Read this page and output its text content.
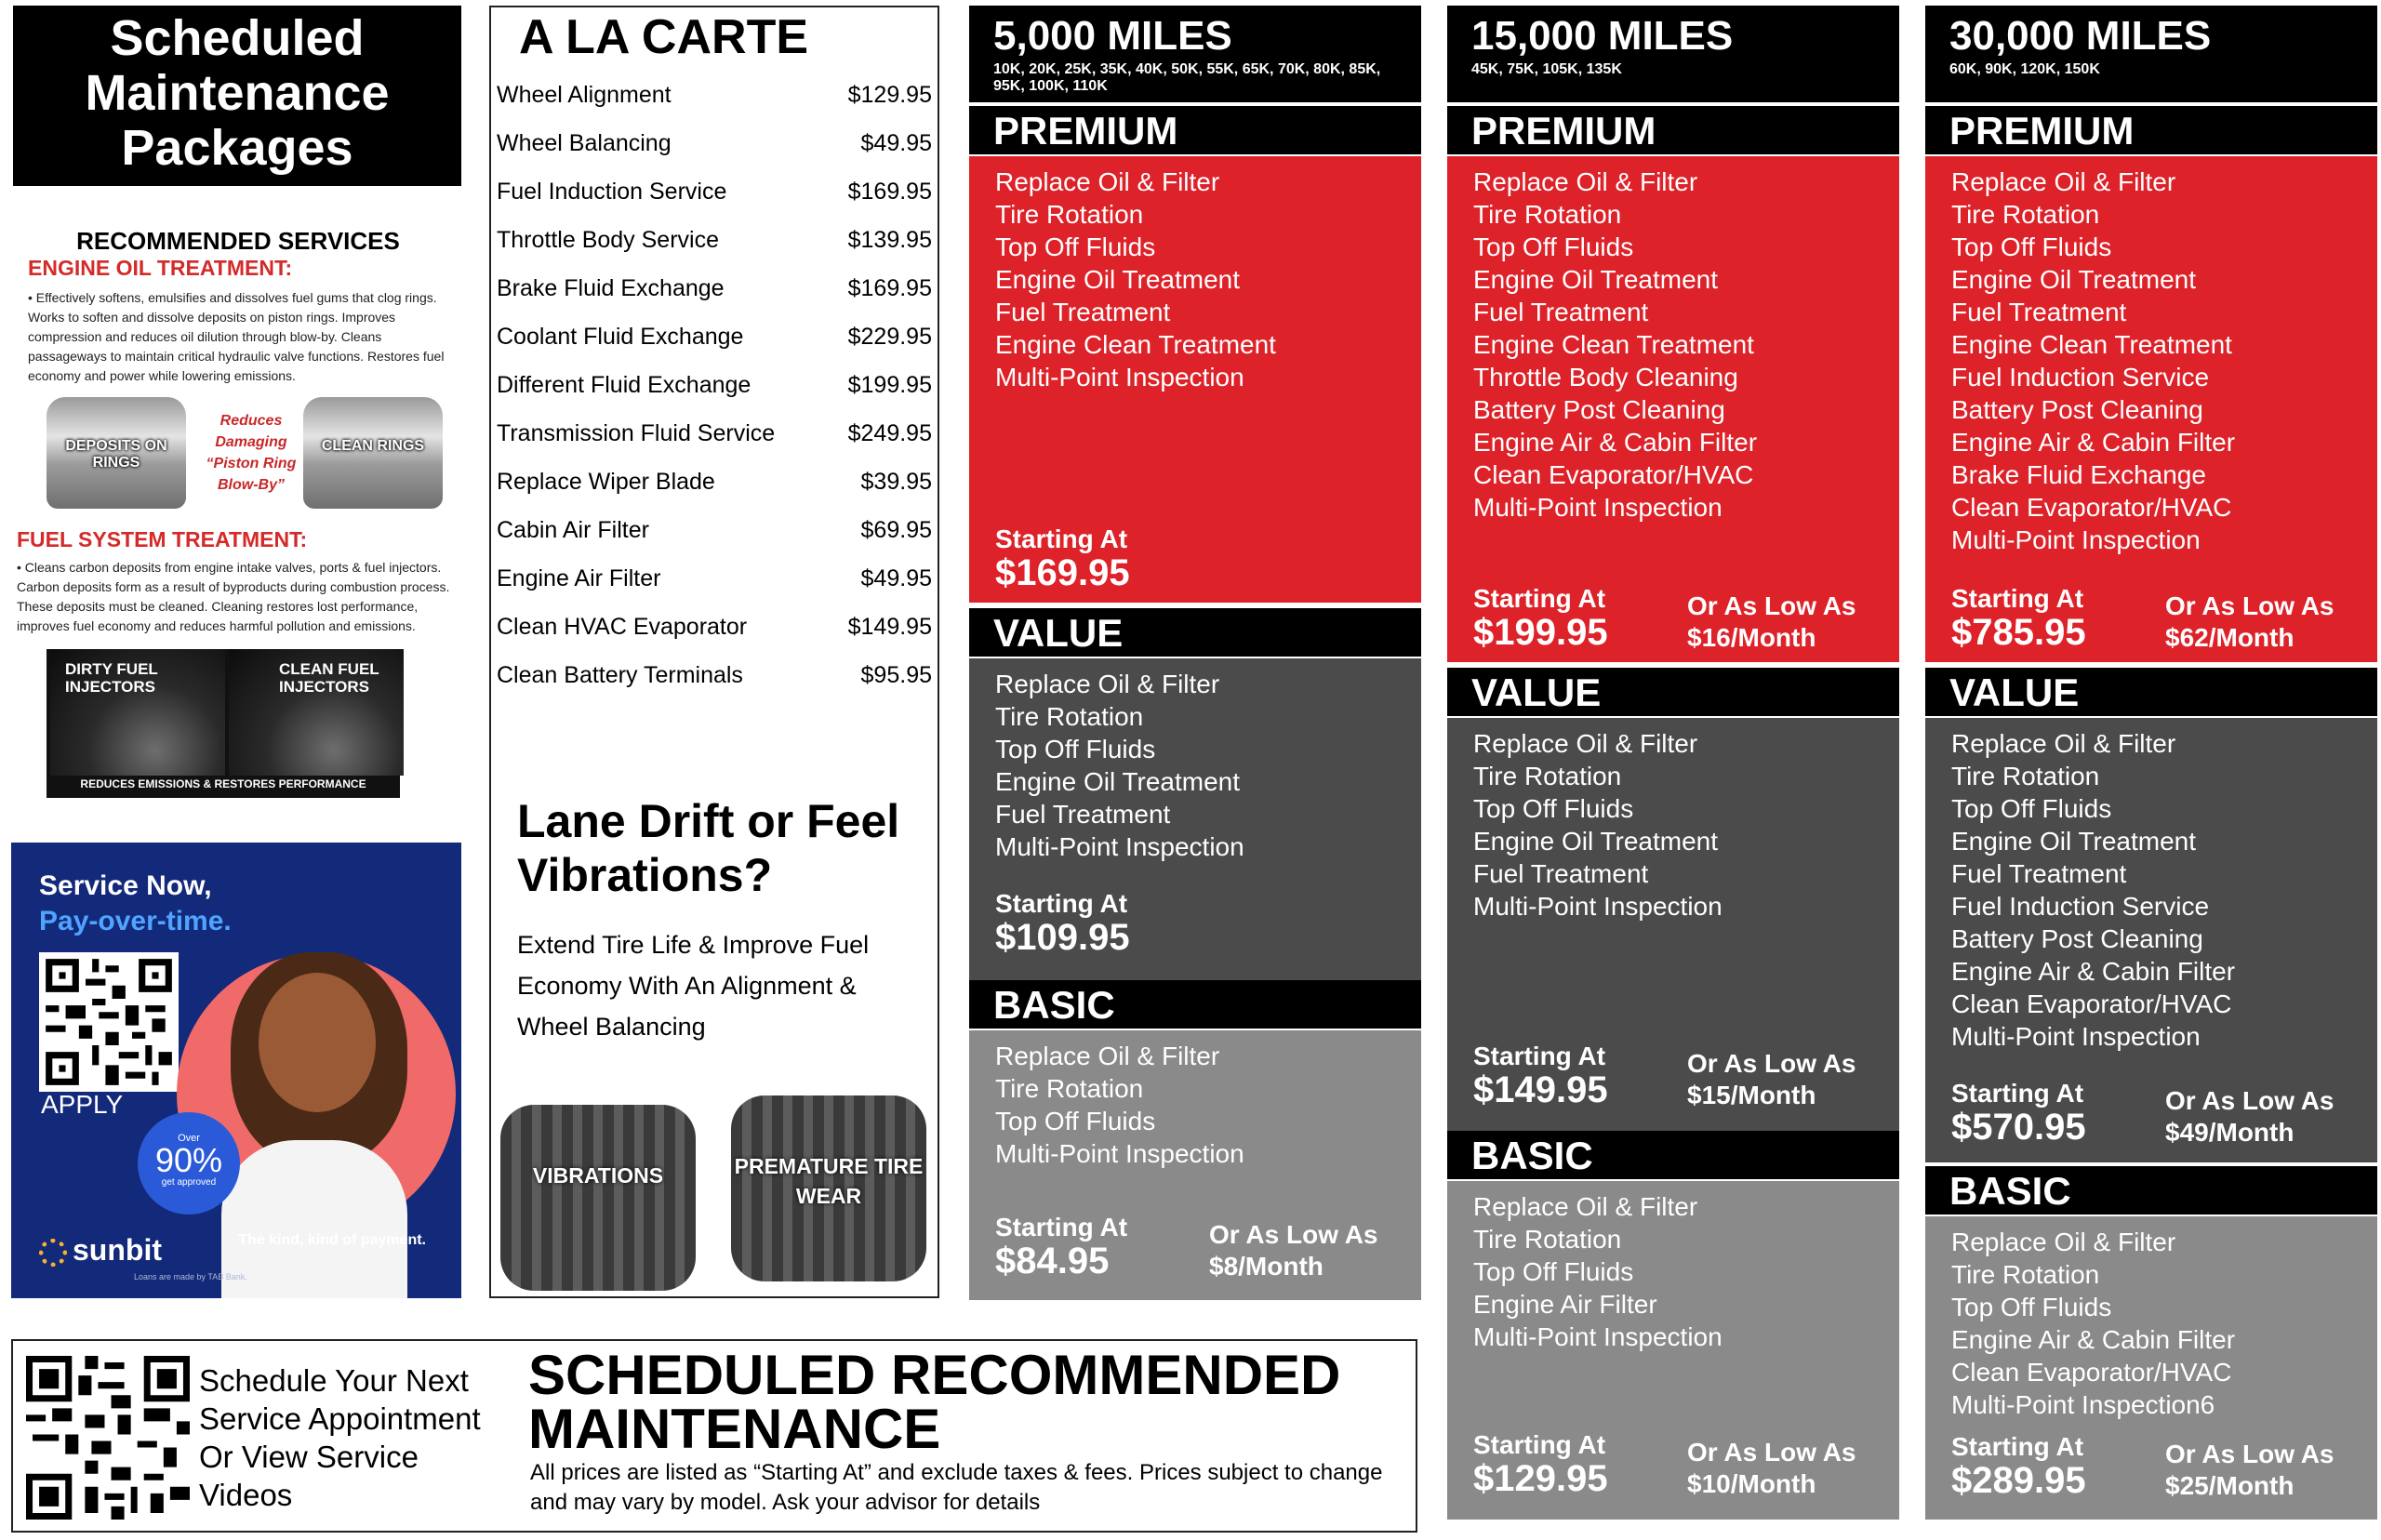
Scheduled
Maintenance
Packages
RECOMMENDED SERVICES
ENGINE OIL TREATMENT:
• Effectively softens, emulsifies and dissolves fuel gums that clog rings. Works to soften and dissolve deposits on piston rings. Improves compression and reduces oil dilution through blow-by. Cleans passageways to maintain critical hydraulic valve functions. Restores fuel economy and power while lowering emissions.
DEPOSITS ON RINGS
Reduces Damaging “Piston Ring Blow-By”
CLEAN RINGS
FUEL SYSTEM TREATMENT:
• Cleans carbon deposits from engine intake valves, ports & fuel injectors. Carbon deposits form as a result of byproducts during combustion process. These deposits must be cleaned. Cleaning restores lost performance, improves fuel economy and reduces harmful pollution and emissions.
DIRTY FUEL INJECTORS
CLEAN FUEL INJECTORS
REDUCES EMISSIONS & RESTORES PERFORMANCE
Service Now,
Pay-over-time.
APPLY
Over
90%
get approved
sunbit	The kind, kind of payment.
Loans are made by TAB Bank.
A LA CARTE
Wheel Alignment	$129.95
Wheel Balancing	$49.95
Fuel Induction Service	$169.95
Throttle Body Service	$139.95
Brake Fluid Exchange	$169.95
Coolant Fluid Exchange	$229.95
Different Fluid Exchange	$199.95
Transmission Fluid Service	$249.95
Replace Wiper Blade	$39.95
Cabin Air Filter	$69.95
Engine Air Filter	$49.95
Clean HVAC Evaporator	$149.95
Clean Battery Terminals	$95.95
Lane Drift or Feel Vibrations?
Extend Tire Life & Improve Fuel Economy With An Alignment & Wheel Balancing
VIBRATIONS	PREMATURE TIRE WEAR
5,000 MILES
10K, 20K, 25K, 35K, 40K, 50K, 55K, 65K, 70K, 80K, 85K, 95K, 100K, 110K
PREMIUM
Replace Oil & Filter
Tire Rotation
Top Off Fluids
Engine Oil Treatment
Fuel Treatment
Engine Clean Treatment
Multi-Point Inspection
Starting At
$169.95
VALUE
Replace Oil & Filter
Tire Rotation
Top Off Fluids
Engine Oil Treatment
Fuel Treatment
Multi-Point Inspection
Starting At
$109.95
BASIC
Replace Oil & Filter
Tire Rotation
Top Off Fluids
Multi-Point Inspection
Starting At
$84.95
Or As Low As
$8/Month
15,000 MILES
45K, 75K, 105K, 135K
PREMIUM
Replace Oil & Filter
Tire Rotation
Top Off Fluids
Engine Oil Treatment
Fuel Treatment
Engine Clean Treatment
Throttle Body Cleaning
Battery Post Cleaning
Engine Air & Cabin Filter
Clean Evaporator/HVAC
Multi-Point Inspection
Starting At
$199.95
Or As Low As
$16/Month
VALUE
Replace Oil & Filter
Tire Rotation
Top Off Fluids
Engine Oil Treatment
Fuel Treatment
Multi-Point Inspection
Starting At
$149.95
Or As Low As
$15/Month
BASIC
Replace Oil & Filter
Tire Rotation
Top Off Fluids
Engine Air Filter
Multi-Point Inspection
Starting At
$129.95
Or As Low As
$10/Month
30,000 MILES
60K, 90K, 120K, 150K
PREMIUM
Replace Oil & Filter
Tire Rotation
Top Off Fluids
Engine Oil Treatment
Fuel Treatment
Engine Clean Treatment
Fuel Induction Service
Battery Post Cleaning
Engine Air & Cabin Filter
Brake Fluid Exchange
Clean Evaporator/HVAC
Multi-Point Inspection
Starting At
$785.95
Or As Low As
$62/Month
VALUE
Replace Oil & Filter
Tire Rotation
Top Off Fluids
Engine Oil Treatment
Fuel Treatment
Fuel Induction Service
Battery Post Cleaning
Engine Air & Cabin Filter
Clean Evaporator/HVAC
Multi-Point Inspection
Starting At
$570.95
Or As Low As
$49/Month
BASIC
Replace Oil & Filter
Tire Rotation
Top Off Fluids
Engine Air & Cabin Filter
Clean Evaporator/HVAC
Multi-Point Inspection6
Starting At
$289.95
Or As Low As
$25/Month
Schedule Your Next
Service Appointment
Or View Service
Videos
SCHEDULED RECOMMENDED MAINTENANCE
All prices are listed as “Starting At” and exclude taxes & fees. Prices subject to change and may vary by model. Ask your advisor for details
